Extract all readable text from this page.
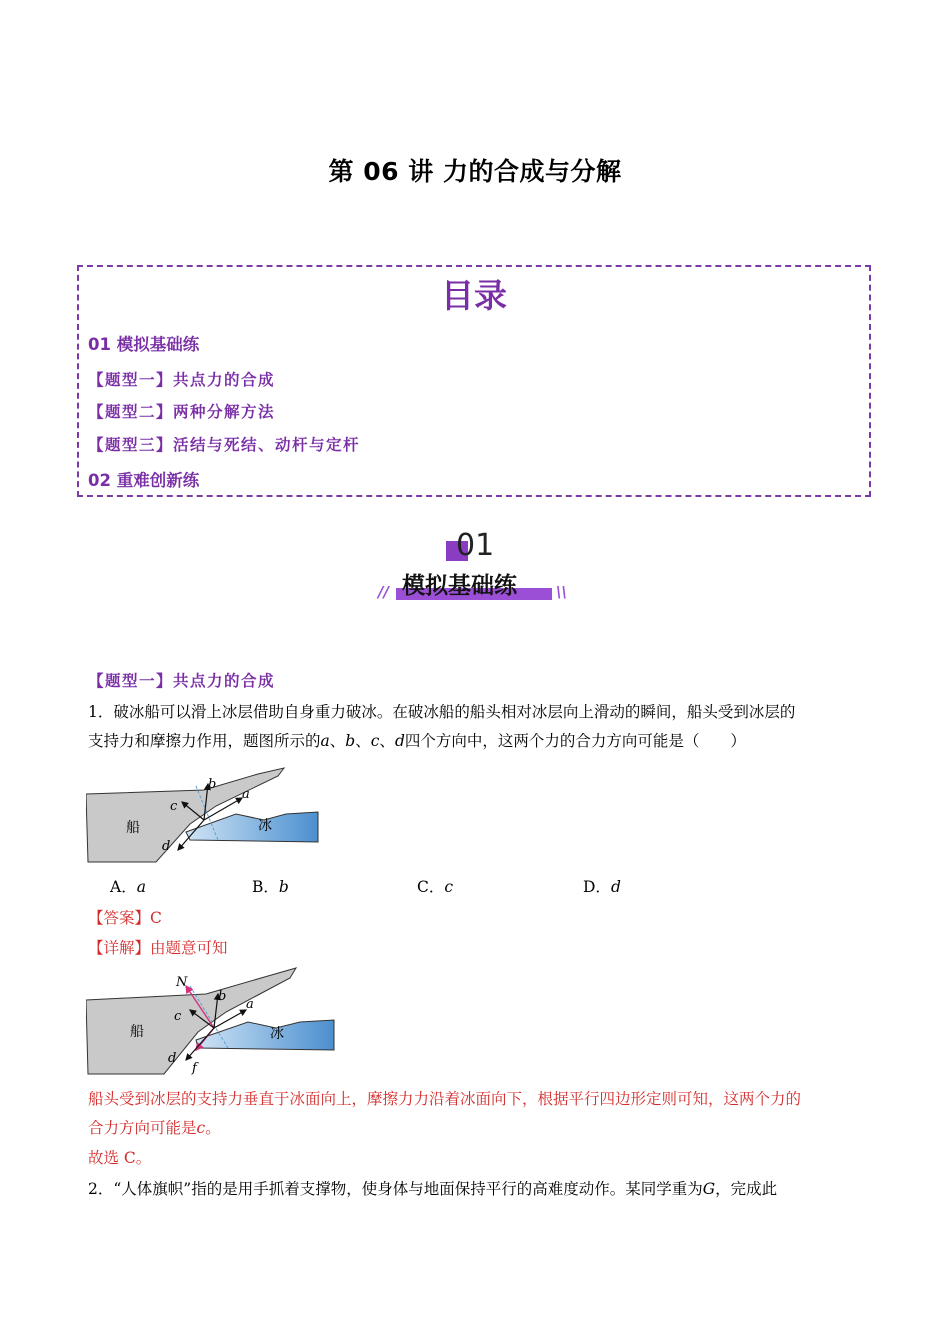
第 06 讲 力的合成与分解
目录
01 模拟基础练
【题型一】共点力的合成
【题型二】两种分解方法
【题型三】活结与死结、动杆与定杆
02 重难创新练
01
//	\\
模拟基础练
【题型一】共点力的合成
1．破冰船可以滑上冰层借助自身重力破冰。在破冰船的船头相对冰层向上滑动的瞬间，船头受到冰层的
支持力和摩擦力作用，题图所示的a、b、c、d四个方向中，这两个力的合力方向可能是（　　）
a
b
c
d
船	冰
A．a	B．b	C．c	D．d
【答案】C
【详解】由题意可知
N
b
a
c
d
f
船	冰
船头受到冰层的支持力垂直于冰面向上，摩擦力力沿着冰面向下，根据平行四边形定则可知，这两个力的
合力方向可能是c。
故选 C。
2．“人体旗帜”指的是用手抓着支撑物，使身体与地面保持平行的高难度动作。某同学重为G，完成此
